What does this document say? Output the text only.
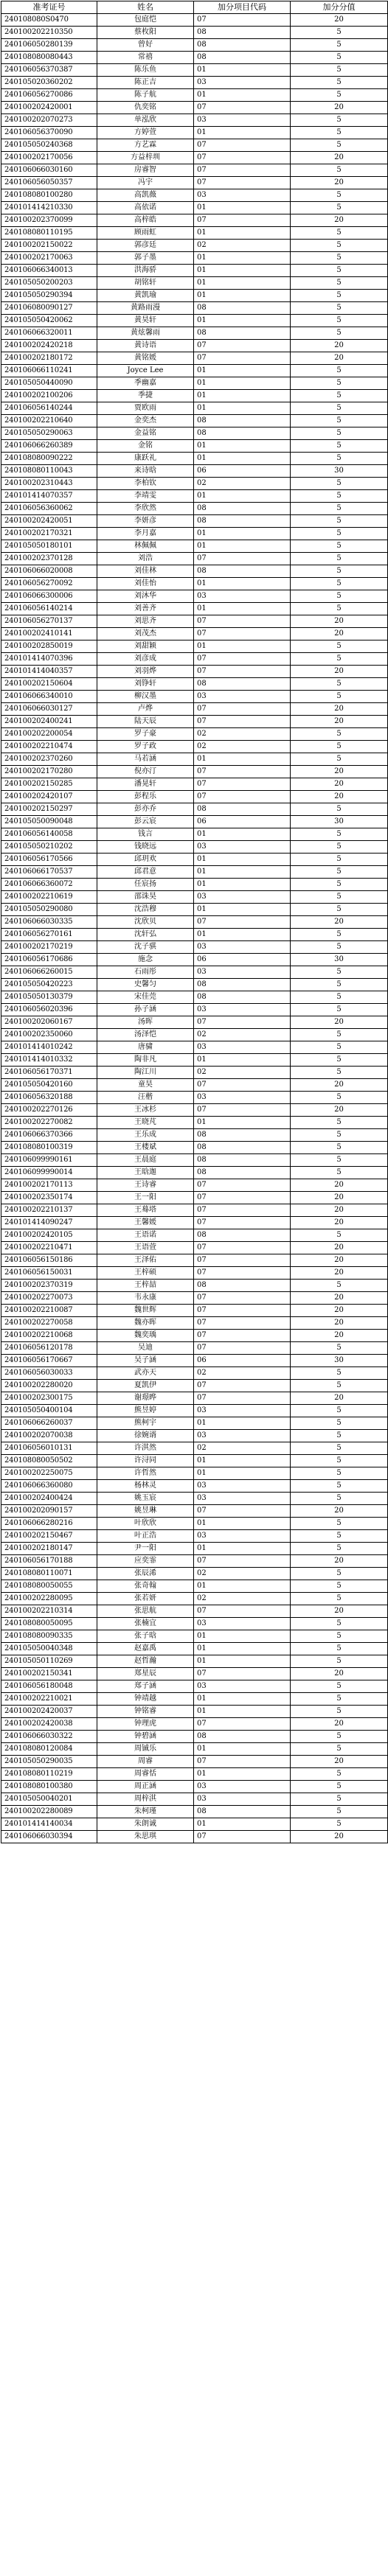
准考证号	姓名	加分项目代码	加分分值
240108080S0470	包庭恺	07	20
240100202210350	蔡枚阳	08	5
240106050280139	曾好	08	5
240108080080443	常禧	08	5
240106056370387	陈乐鱼	01	5
240105020360202	陈正吉	03	5
240106056270086	陈子航	01	5
240100202420001	仇奕铭	07	20
240100202070273	单泓欣	03	5
240106056370090	方婷萱	01	5
240105050240368	方艺霖	07	5
240100202170056	方益梓圳	07	20
240106066030160	房睿智	07	5
240106056050357	冯宇	07	20
240108080100280	高凯薇	03	5
240101414210330	高依诺	01	5
240100202370099	高梓皓	07	20
240108080110195	顾雨虹	01	5
240100202150022	郭彦廷	02	5
240100202170063	郭子墨	01	5
240106066340013	洪海骄	01	5
240105050200203	胡铭轩	01	5
240105050290394	黄凯瑜	01	5
240106080090127	黄路雨漫	08	5
240105050420062	黄昊轩	01	5
240106066320011	黄炫馨雨	08	5
240100202420218	黄诗语	07	20
240100202180172	黄铭媛	07	20
240106066110241	Joyce Lee	01	5
240105050440090	季幽嘉	01	5
240100202100206	季捷	01	5
240106056140244	贾欧雨	01	5
240100202210640	金奕杰	08	5
240105050290063	金益铭	08	5
240106066260389	金铭	01	5
240108080090222	康跃礼	01	5
240108080110043	来诗晗	06	30
240100202310443	李柏钦	02	5
240101414070357	李靖雯	01	5
240106056360062	李欣然	08	5
240100202420051	李妍彦	08	5
240100202170321	李月嘉	01	5
240105050180101	林佩佩	01	5
240100202370128	刘浩	07	5
240106066020008	刘佳林	08	5
240106056270092	刘佳怡	01	5
240106066300006	刘沐华	03	5
240106056140214	刘善齐	01	5
240106056270137	刘思齐	07	20
240100202410141	刘茂杰	07	20
240100202850019	刘甜颖	01	5
240101414070396	刘彦成	07	5
240101414040357	刘羽烨	07	20
240100202150604	刘铮轩	08	5
240106066340010	柳汉墨	03	5
240106066030127	卢烨	07	20
240100202400241	陆天辰	07	20
240100202200054	罗子豪	02	5
240100202210474	罗子政	02	5
240100202370260	马若涵	01	5
240100202170280	倪亦汀	07	20
240100202150285	潘晃轩	07	20
240100202420107	彭程乐	07	20
240100202150297	彭亦乔	08	5
240105050090048	彭云宸	06	30
240106056140058	钱言	01	5
240105050210202	钱晓远	03	5
240106056170566	邱玥欢	01	5
240106066170537	邱君意	01	5
240106066360072	任宸扬	01	5
240100202210619	邵诛昊	03	5
240105050290080	沈浩穆	01	5
240106066030335	沈欣贝	07	20
240106056270161	沈轩弘	01	5
240100202170219	沈子骐	03	5
240106056170686	施念	06	30
240106066260015	石雨彤	03	5
240105050420223	史馨匀	08	5
240105050130379	宋佳莞	08	5
240106056020396	孙子涵	03	5
240100202060167	汤晖	07	20
240100202350060	汤泽恺	02	5
240101414010242	唐骕	03	5
240101414010332	陶非凡	01	5
240106056170371	陶江川	02	5
240105050420160	童昊	07	20
240106056320188	汪楷	03	5
240100202270126	王冰杉	07	20
240100202270082	王晓芃	01	5
240106066370366	王乐成	08	5
240108080100319	王楼斌	08	5
240106099990161	王晨庭	08	5
240106099990014	王晗迦	08	5
240100202170113	王诗睿	07	20
240100202350174	王一阳	07	20
240100202210137	王蓦塔	07	20
240101414090247	王馨媛	07	20
240100202420105	王语诺	08	5
240100202210471	王语萱	07	20
240106056150186	王泽佑	07	20
240106056150031	王梓硕	07	20
240100202370319	王梓喆	08	5
240100202270073	韦永康	07	20
240100202210087	魏世辉	07	20
240100202270058	魏亦晖	07	20
240100202210068	魏奕瑀	07	20
240106056120178	吴迪	07	5
240106056170667	吴子涵	06	30
240106056030033	武亦天	02	5
240100202280020	夏凯伊	07	5
240100202300175	谢璟晔	07	20
240105050400104	熊昱婷	03	5
240106066260037	熊柯宇	01	5
240100202070038	徐婉谞	03	5
240106056010131	许淇然	02	5
240108080050502	许浔同	01	5
240100202250075	许哲然	01	5
240106066360080	杨林灵	03	5
240100202400424	姚玉宸	03	5
240100202090157	姚昱琳	07	20
240106066280216	叶欣欣	01	5
240100202150467	叶正浩	03	5
240100202180147	尹一阳	01	5
240106056170188	应奕霏	07	20
240108080110071	张辰浠	02	5
240108080050055	张奇翰	01	5
240100202280095	张若妍	02	5
240100202210314	张思航	07	20
240108080050095	张楠宜	03	5
240108080090335	张子晗	01	5
240105050040348	赵嘉禹	01	5
240105050110269	赵哲瀚	01	5
240100202150341	郑星辰	07	20
240106056180048	郑子涵	03	5
240100202210021	钟靖越	01	5
240100202420037	钟铭睿	01	5
240100202420038	钟理虎	07	20
240106066030322	钟碧涵	08	5
240108080120084	周铖乐	01	5
240105050290035	周睿	07	20
240108080110219	周睿恬	01	5
240108080100380	周正涵	03	5
240105050040201	周梓淇	03	5
240100202280089	朱柯瑾	08	5
240101414140034	朱朗诚	01	5
240106066030394	朱思琪	07	20
